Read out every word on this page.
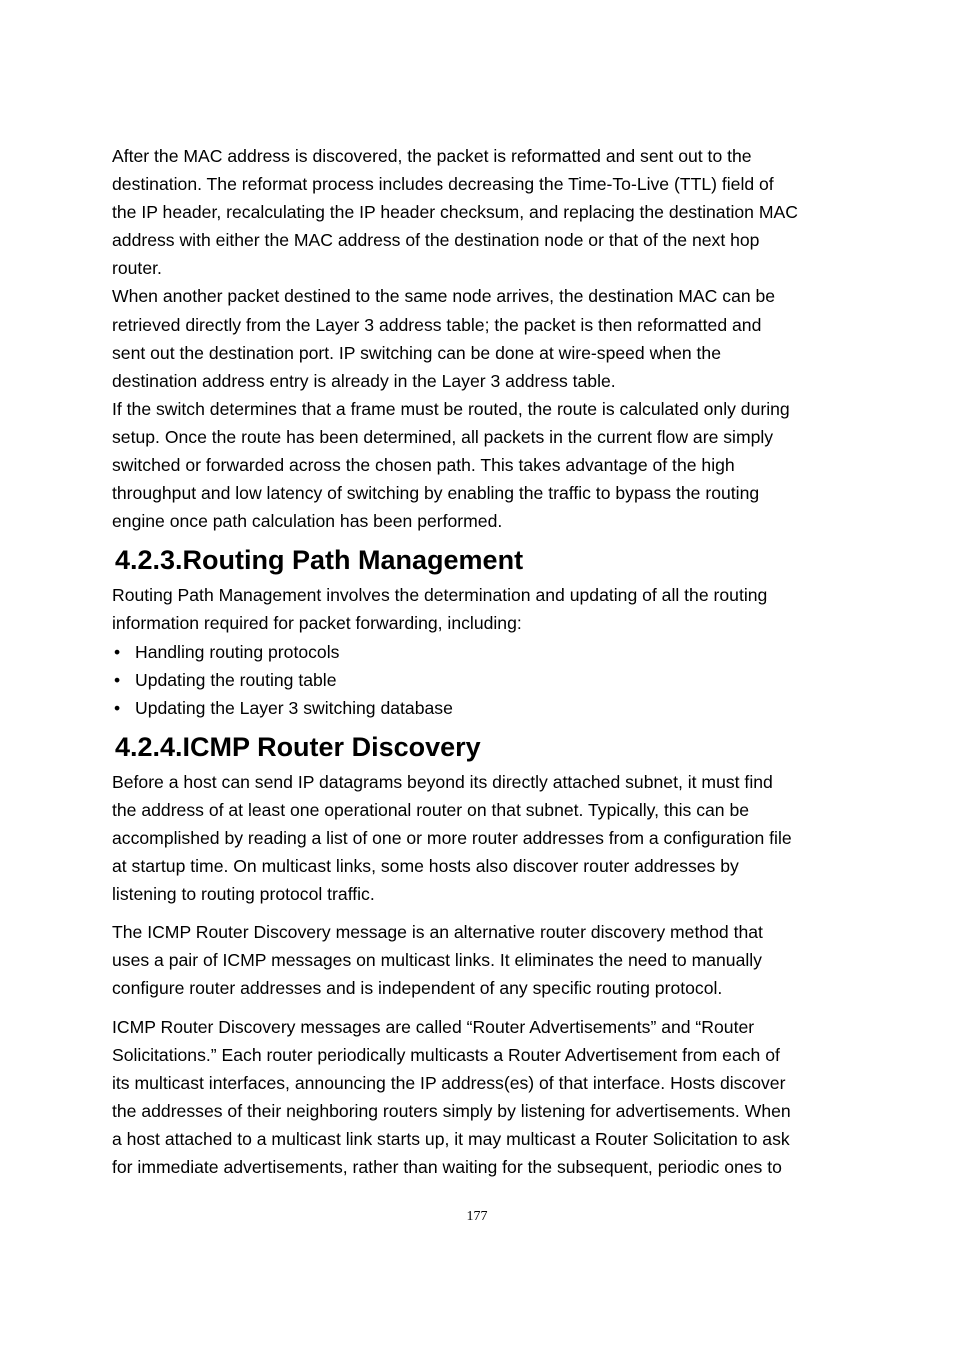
After the MAC address is discovered, the packet is reformatted and sent out to the

destination. The reformat process includes decreasing the Time-To-Live (TTL) field of

the IP header, recalculating the IP header checksum, and replacing the destination MAC

address with either the MAC address of the destination node or that of the next hop

router.

When another packet destined to the same node arrives, the destination MAC can be

retrieved directly from the Layer 3 address table; the packet is then reformatted and

sent out the destination port. IP switching can be done at wire-speed when the

destination address entry is already in the Layer 3 address table.

If the switch determines that a frame must be routed, the route is calculated only during

setup. Once the route has been determined, all packets in the current flow are simply

switched or forwarded across the chosen path. This takes advantage of the high

throughput and low latency of switching by enabling the traffic to bypass the routing

engine once path calculation has been performed.

4.2.3.Routing Path Management

Routing Path Management involves the determination and updating of all the routing

information required for packet forwarding, including:

• Handling routing protocols
• Updating the routing table
• Updating the Layer 3 switching database
4.2.4.ICMP Router Discovery

Before a host can send IP datagrams beyond its directly attached subnet, it must find

the address of at least one operational router on that subnet. Typically, this can be

accomplished by reading a list of one or more router addresses from a configuration file

at startup time. On multicast links, some hosts also discover router addresses by

listening to routing protocol traffic.

The ICMP Router Discovery message is an alternative router discovery method that

uses a pair of ICMP messages on multicast links. It eliminates the need to manually

configure router addresses and is independent of any specific routing protocol.

ICMP Router Discovery messages are called “Router Advertisements” and “Router

Solicitations.” Each router periodically multicasts a Router Advertisement from each of

its multicast interfaces, announcing the IP address(es) of that interface. Hosts discover

the addresses of their neighboring routers simply by listening for advertisements. When

a host attached to a multicast link starts up, it may multicast a Router Solicitation to ask

for immediate advertisements, rather than waiting for the subsequent, periodic ones to

177
